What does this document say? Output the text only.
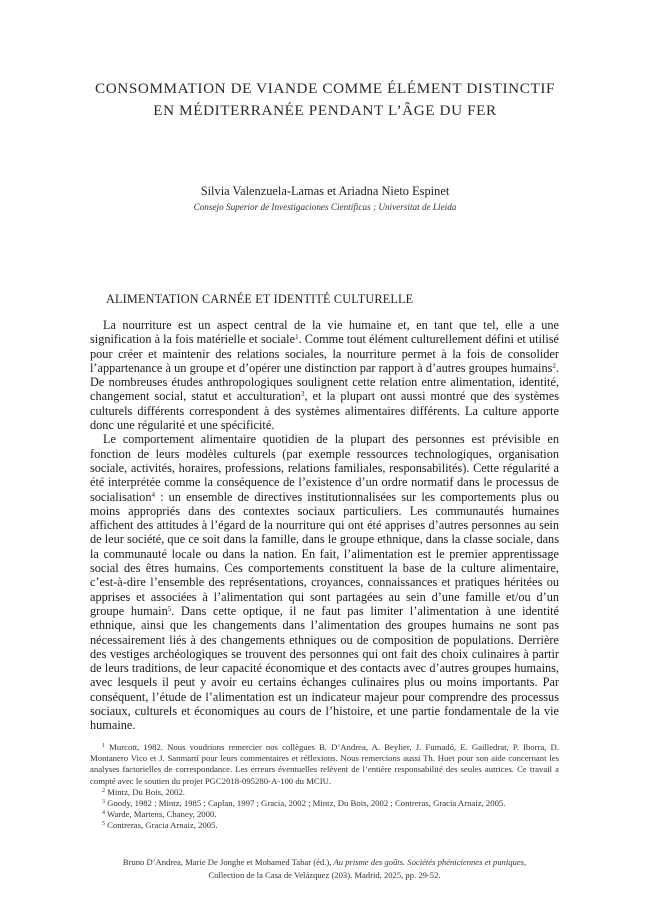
CONSOMMATION DE VIANDE COMME ÉLÉMENT DISTINCTIF
EN MÉDITERRANÉE PENDANT L’ÂGE DU FER
Silvia Valenzuela-Lamas et Ariadna Nieto Espinet
Consejo Superior de Investigaciones Científicas ; Universitat de Lleida
ALIMENTATION CARNÉE ET IDENTITÉ CULTURELLE

La nourriture est un aspect central de la vie humaine et, en tant que tel, elle a une signification à la fois matérielle et sociale$^1$. Comme tout élément culturellement défini et utilisé pour créer et maintenir des relations sociales, la nourriture permet à la fois de consolider l’appartenance à un groupe et d’opérer une distinction par rapport à d’autres groupes humains$^2$. De nombreuses études anthropologiques soulignent cette relation entre alimentation, identité, changement social, statut et acculturation$^3$, et la plupart ont aussi montré que des systèmes culturels différents correspondent à des systèmes alimentaires différents. La culture apporte donc une régularité et une spécificité.

Le comportement alimentaire quotidien de la plupart des personnes est prévisible en fonction de leurs modèles culturels (par exemple ressources technologiques, organisation sociale, activités, horaires, professions, relations familiales, responsabilités). Cette régularité a été interprétée comme la conséquence de l’existence d’un ordre normatif dans le processus de socialisation$^4$ : un ensemble de directives institutionnalisées sur les comportements plus ou moins appropriés dans des contextes sociaux particuliers. Les communautés humaines affichent des attitudes à l’égard de la nourriture qui ont été apprises d’autres personnes au sein de leur société, que ce soit dans la famille, dans le groupe ethnique, dans la classe sociale, dans la communauté locale ou dans la nation. En fait, l’alimentation est le premier apprentissage social des êtres humains. Ces comportements constituent la base de la culture alimentaire, c’est-à-dire l’ensemble des représentations, croyances, connaissances et pratiques héritées ou apprises et associées à l’alimentation qui sont partagées au sein d’une famille et/ou d’un groupe humain$^5$. Dans cette optique, il ne faut pas limiter l’alimentation à une identité ethnique, ainsi que les changements dans l’alimentation des groupes humains ne sont pas nécessairement liés à des changements ethniques ou de composition de populations. Derrière des vestiges archéologiques se trouvent des personnes qui ont fait des choix culinaires à partir de leurs traditions, de leur capacité économique et des contacts avec d’autres groupes humains, avec lesquels il peut y avoir eu certains échanges culinaires plus ou moins importants. Par conséquent, l’étude de l’alimentation est un indicateur majeur pour comprendre des processus sociaux, culturels et économiques au cours de l’histoire, et une partie fondamentale de la vie humaine.

$^1$ Murcott, 1982. Nous voudrions remercier nos collègues B. D’Andrea, A. Beylier, J. Fumadó, E. Gailledrat, P. Iborra, D. Montanero Vico et J. Sanmartí pour leurs commentaires et réflexions. Nous remercions aussi Th. Huet pour son aide concernant les analyses factorielles de correspondance. Les erreurs éventuelles relèvent de l’entière responsabilité des seules autrices. Ce travail a compté avec le soutien du projet PGC2018-095280-A-100 du MCIU.

$^2$ Mintz, Du Bois, 2002.

$^3$ Goody, 1982 ; Mintz, 1985 ; Caplan, 1997 ; Gracia, 2002 ; Mintz, Du Bois, 2002 ; Contreras, Gracia Arnaiz, 2005.

$^4$ Warde, Martens, Chaney, 2000.

$^5$ Contreras, Gracia Arnaiz, 2005.

Bruno D’Andrea, Marie De Jonghe et Mohamed Tahar (éd.), Au prisme des goûts. Sociétés phéniciennes et puniques,
Collection de la Casa de Velázquez (203). Madrid, 2025, pp. 29-52.
